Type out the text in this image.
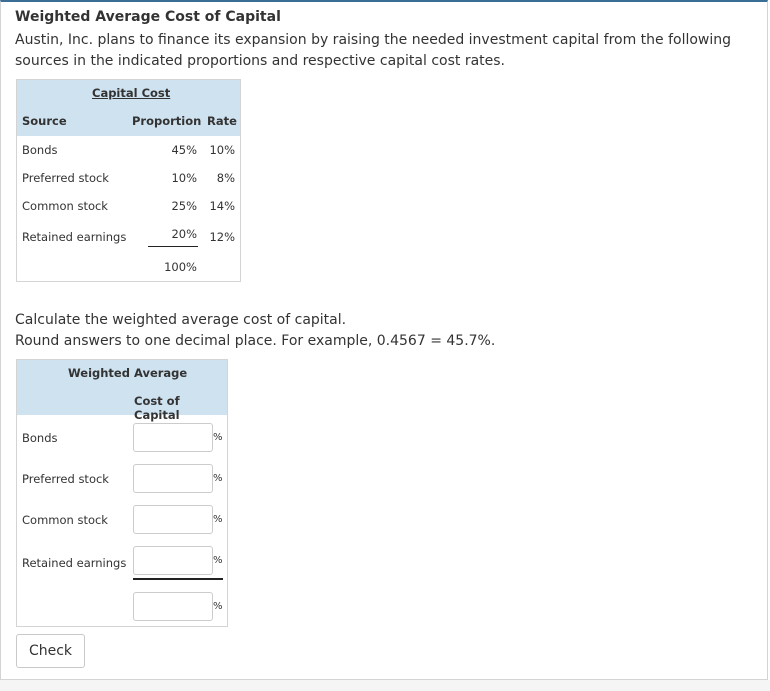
Weighted Average Cost of Capital

Austin, Inc. plans to finance its expansion by raising the needed investment capital from the following sources in the indicated proportions and respective capital cost rates.

Capital Cost
Source	Proportion Rate
Bonds	45% 10%
Preferred stock	10% 8%
Common stock	25% 14%
Retained earnings	20% 12%
100%

Calculate the weighted average cost of capital.
Round answers to one decimal place. For example, 0.4567 = 45.7%.

Weighted Average
Cost of Capital
Bonds	%
Preferred stock	%
Common stock	%
Retained earnings	%
%
Check
